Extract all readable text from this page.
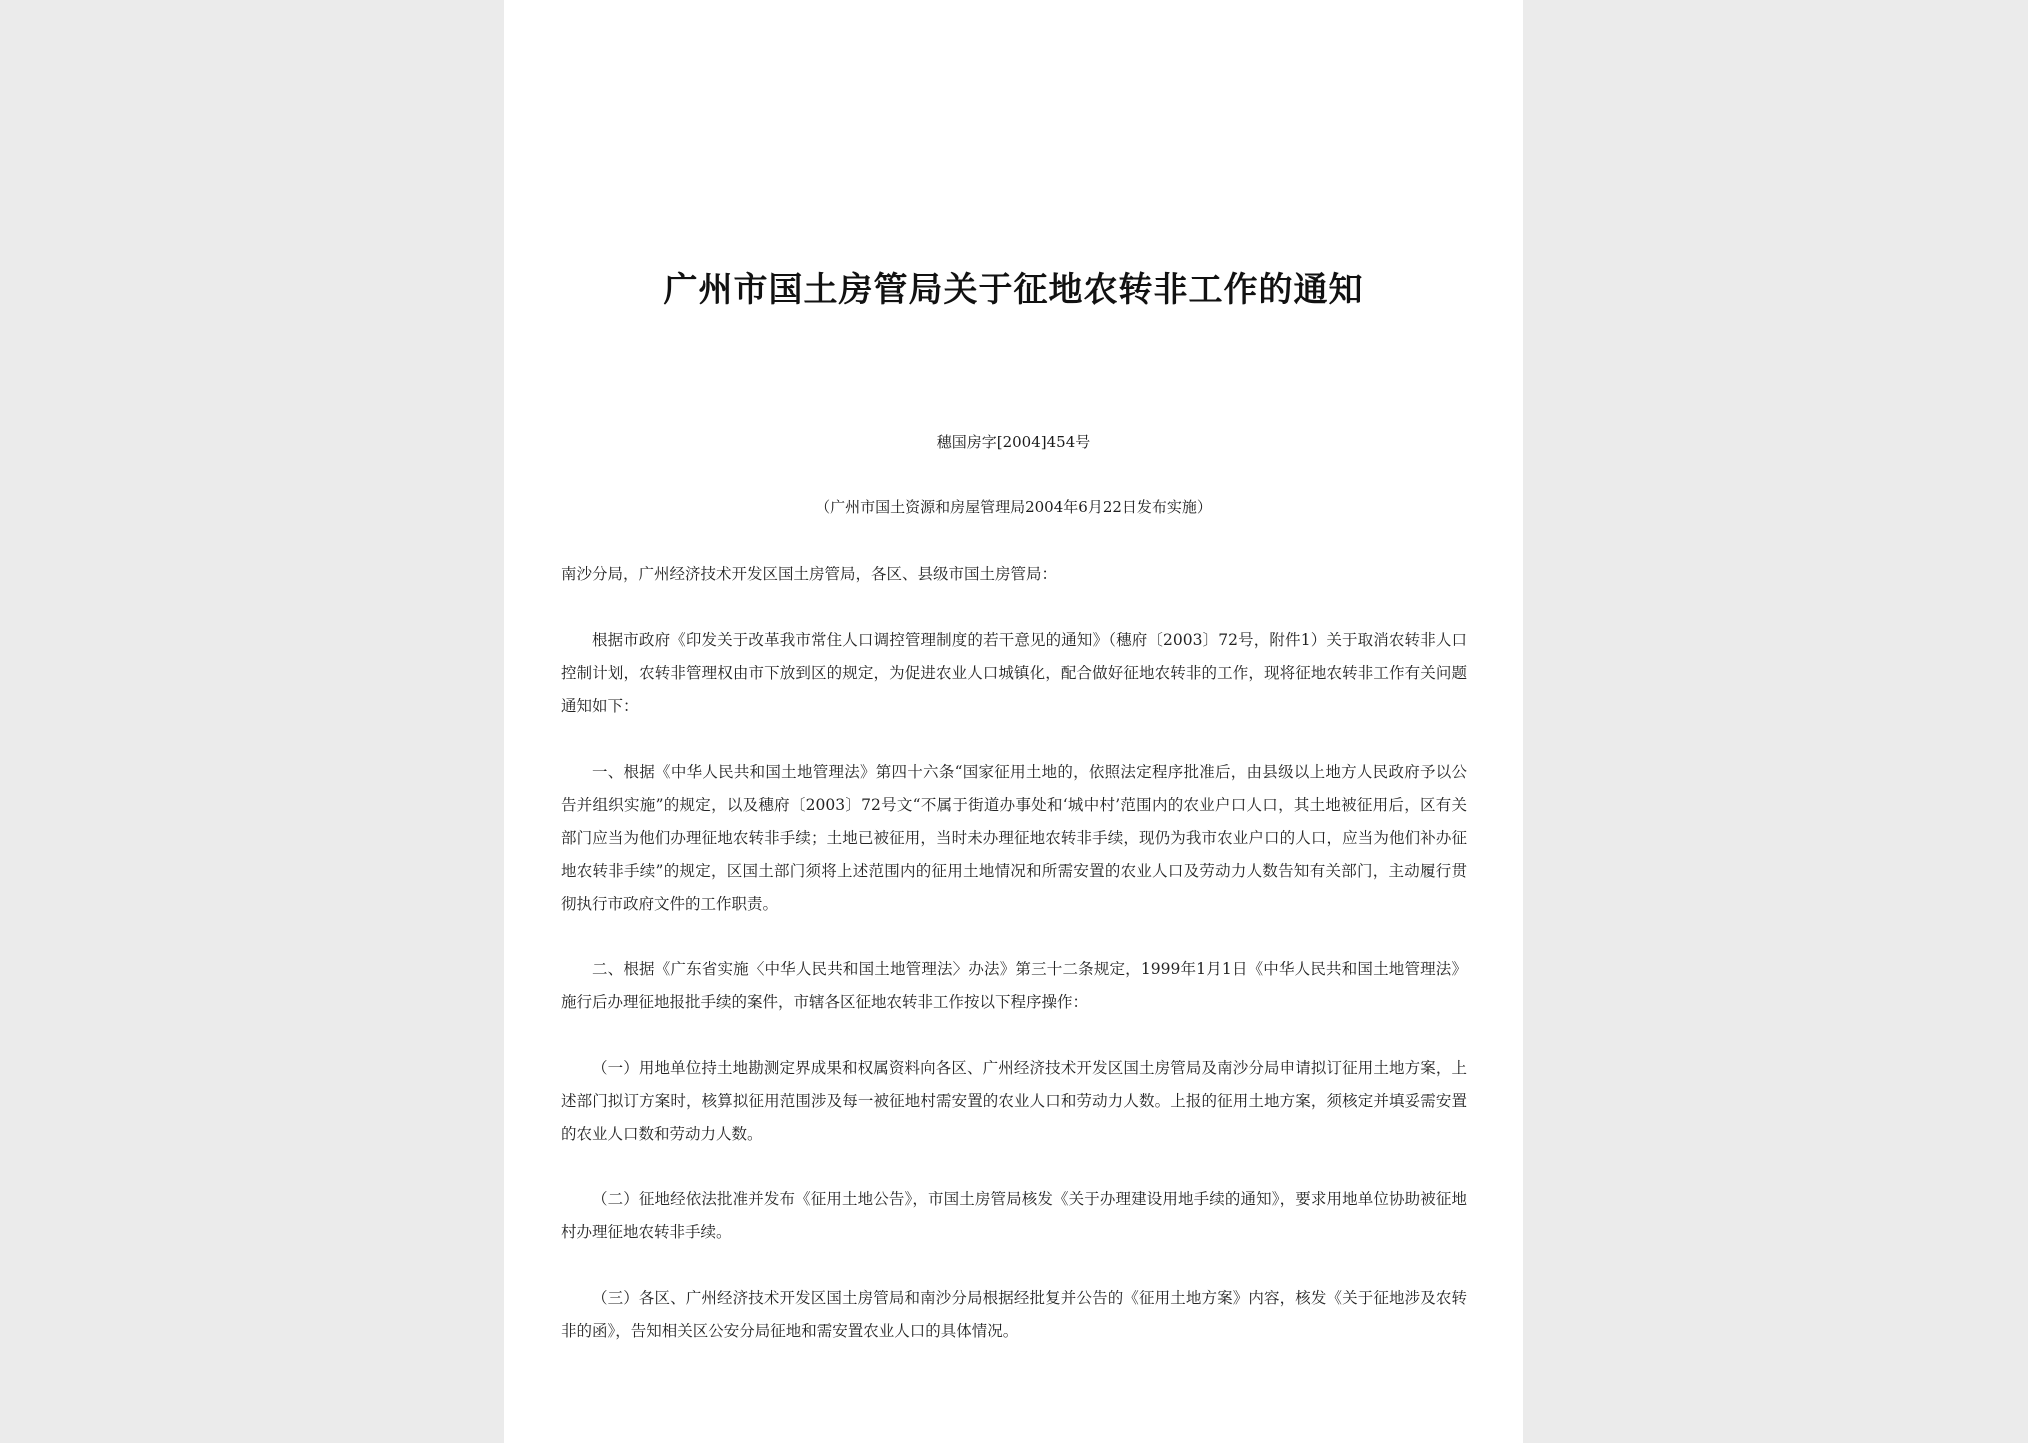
广州市国土房管局关于征地农转非工作的通知
穗国房字[2004]454号
（广州市国土资源和房屋管理局2004年6月22日发布实施）
南沙分局，广州经济技术开发区国土房管局，各区、县级市国土房管局：
根据市政府《印发关于改革我市常住人口调控管理制度的若干意见的通知》（穗府〔2003〕72号，附件1）关于取消农转非人口控制计划，农转非管理权由市下放到区的规定，为促进农业人口城镇化，配合做好征地农转非的工作，现将征地农转非工作有关问题通知如下：
一、根据《中华人民共和国土地管理法》第四十六条“国家征用土地的，依照法定程序批准后，由县级以上地方人民政府予以公告并组织实施”的规定，以及穗府〔2003〕72号文“不属于街道办事处和‘城中村’范围内的农业户口人口，其土地被征用后，区有关部门应当为他们办理征地农转非手续；土地已被征用，当时未办理征地农转非手续，现仍为我市农业户口的人口，应当为他们补办征地农转非手续”的规定，区国土部门须将上述范围内的征用土地情况和所需安置的农业人口及劳动力人数告知有关部门，主动履行贯彻执行市政府文件的工作职责。
二、根据《广东省实施〈中华人民共和国土地管理法〉办法》第三十二条规定，1999年1月1日《中华人民共和国土地管理法》施行后办理征地报批手续的案件，市辖各区征地农转非工作按以下程序操作：
（一）用地单位持土地勘测定界成果和权属资料向各区、广州经济技术开发区国土房管局及南沙分局申请拟订征用土地方案，上述部门拟订方案时，核算拟征用范围涉及每一被征地村需安置的农业人口和劳动力人数。上报的征用土地方案，须核定并填妥需安置的农业人口数和劳动力人数。
（二）征地经依法批准并发布《征用土地公告》，市国土房管局核发《关于办理建设用地手续的通知》，要求用地单位协助被征地村办理征地农转非手续。
（三）各区、广州经济技术开发区国土房管局和南沙分局根据经批复并公告的《征用土地方案》内容，核发《关于征地涉及农转非的函》，告知相关区公安分局征地和需安置农业人口的具体情况。
